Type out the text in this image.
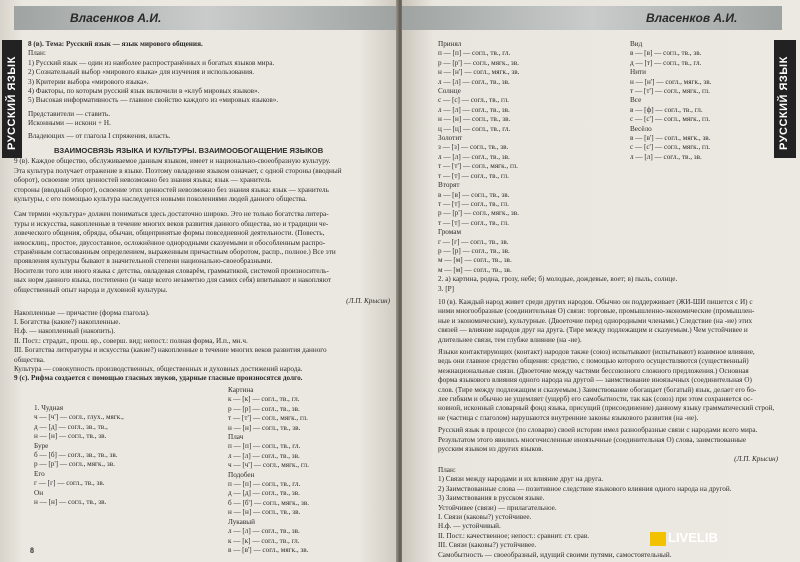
Власенков А.И.
РУССКИЙ ЯЗЫК

8 (в). Тема: Русский язык — язык мирового общения.

План:

1) Русский язык — один из наиболее распространённых и богатых языков мира.

2) Сознательный выбор «мирового языка» для изучения и использования.

3) Критерии выбора «мирового языка».

4) Факторы, по которым русский язык включили в «клуб мировых языков».

5) Высокая информативность — главное свойство каждого из «мировых языков».

Представители — ставить.

Исконными — исконн + Н.

Владеющих — от глагола I спряжения, власть.

ВЗАИМОСВЯЗЬ ЯЗЫКА И КУЛЬТУРЫ. ВЗАИМООБОГАЩЕНИЕ ЯЗЫКОВ

9 (в). Каждое общество, обслуживаемое данным языком, имеет и национально-своеобразную культуру.

Эта культура получает отражение в языке. Поэтому овладение языком означает, с одной стороны (вводный

оборот), освоение этих ценностей невозможно без знания языка; язык — хранитель

стороны (вводный оборот), освоение этих ценностей невозможно без знания языка: язык — хранитель

культуры, с его помощью культура наследуется новыми поколениями людей данного общества.

Сам термин «культура» должен пониматься здесь достаточно широко. Это не только богатства литера-

туры и искусства, накопленные в течение многих веков развития данного общества, но и традиции че-

ловеческого общения, обряды, обычаи, общепринятые формы повседневной деятельности. (Повесть,

невосклиц., простое, двусоставное, осложнённое однородными сказуемыми и обособленным распро-

странённым согласованным определением, выраженным причастным оборотом, распр., полное.) Все эти

проявления культуры бывают в значительной степени национально-своеобразными.

Носители того или иного языка с детства, овладевая словарём, грамматикой, системой произноситель-

ных норм данного языка, постепенно (и чаще всего незаметно для самих себя) впитывают и накопляют

общественный опыт народа и духовной культуры.

(Л.П. Крысин)

Накопленные — причастие (форма глагола).

I. Богатства (какие?) накопленные.

Н.ф. — накопленный (накопить).

II. Пост.: страдат., прош. вр., соверш. вид; непост.: полная форма, И.п., мн.ч.

III. Богатства литературы и искусства (какие?) накопленные в течение многих веков развития данного

общества.

Культура — совокупность производственных, общественных и духовных достижений народа.

9 (с). Рифма создается с помощью гласных звуков, ударные гласные произносятся долго.

1. Чудная

ч — [ч'] — согл., глух., мягк.,

д — [д] — согл., зв., тв.,

н — [н] — согл., тв., зв.

Буре

б — [б] — согл., зв., тв., зв.

р — [р'] — согл., мягк., зв.

Его

г — [г] — согл., тв., зв.

Он

н — [н] — согл., тв., зв.

Картина

к — [к] — согл., тв., гл.

р — [р] — согл., тв., зв.

т — [т'] — согл., мягк., гл.

н — [н] — согл., тв., зв.

Плач

п — [п] — согл., тв., гл.

л — [л] — согл., тв., зв.

ч — [ч'] — согл., мягк., гл.

Подобен

п — [п] — согл., тв., гл.

д — [д] — согл., тв., зв.

б — [б'] — согл., мягк., зв.

н — [н] — согл., тв., зв.

Лукавый

л — [л] — согл., тв., зв.

к — [к] — согл., тв., гл.

в — [в'] — согл., мягк., зв.

8
Власенков А.И.
РУССКИЙ ЯЗЫК

Принял

п — [п] — согл., тв., гл.

р — [р'] — согл., мягк., зв.

н — [н'] — согл., мягк., зв.

л — [л] — согл., тв., зв.

Солнце

с — [с] — согл., тв., гл.

л — [л] — согл., тв., зв.

н — [н] — согл., тв., зв.

ц — [ц] — согл., тв., гл.

Золотит

з — [з] — согл., тв., зв.

л — [л] — согл., тв., зв.

т — [т'] — согл., мягк., гл.

т — [т] — согл., тв., гл.

Вторят

в — [в] — согл., тв., зв.

т — [т] — согл., тв., гл.

р — [р'] — согл., мягк., зв.

т — [т] — согл., тв., гл.

Громам

г — [г] — согл., тв., зв.

р — [р] — согл., тв., зв.

м — [м] — согл., тв., зв.

м — [м] — согл., тв., зв.

2. а) картина, родна, грозу, небе; б) молодые, дождевые, воет; в) пыль, солнце.

3. [Р]

Вид

в — [в] — согл., тв., зв.

д — [т] — согл., тв., гл.

Нити

н — [н'] — согл., мягк., зв.

т — [т'] — согл., мягк., гл.

Все

в — [ф] — согл., тв., гл.

с — [с'] — согл., мягк., гл.

Весёло

в — [в'] — согл., мягк., зв.

с — [с'] — согл., мягк., гл.

л — [л] — согл., тв., зв.

10 (в). Каждый народ живет среди других народов. Обычно он поддерживает (ЖИ-ШИ пишется с И) с

ними многообразные (соединительная О) связи: торговые, промышленно-экономические (промышлен-

ные и экономические), культурные. (Двоеточие перед однородными членами.) Следствие (на -ие) этих

связей — влияние народов друг на друга. (Тире между подлежащим и сказуемым.) Чем устойчивее и

длительнее связи, тем глубже влияние (на -ие).

Языки контактирующих (контакт) народов также (союз) испытывают (испытывают) взаимное влияние,

ведь они главное средство общения: средство, с помощью которого осуществляются (существенный)

межнациональные связи. (Двоеточие между частями бессоюзного сложного предложения.) Основная

форма языкового влияния одного народа на другой — заимствование иноязычных (соединительная О)

слов. (Тире между подлежащим и сказуемым.) Заимствование обогащает (богатый) язык, делает его бо-

лее гибким и обычно не ущемляет (ущерб) его самобытности, так как (союз) при этом сохраняется ос-

новной, исконный словарный фонд языка, присущий (присоединение) данному языку грамматический строй,

не (частица с глаголом) нарушаются внутренние законы языкового развития (на -ие).

Русский язык в процессе (по словарю) своей истории имел разнообразные связи с народами всего мира.

Результатом этого явились многочисленные иноязычные (соединительная О) слова, заимствованные

русским языком из других языков.

(Л.П. Крысин)

План:

1) Связи между народами и их влияние друг на друга.

2) Заимствованные слова — позитивное следствие языкового влияния одного народа на другой.

3) Заимствования в русском языке.

Устойчивее (связи) — прилагательное.

I. Связи (каковы?) устойчивее.

Н.ф. — устойчивый.

II. Пост.: качественное; непост.: сравнит. ст. срав.

III. Связи (каковы?) устойчивее.

Самобытность — своеобразный, идущий своими путями, самостоятельный.

LIVELIB
